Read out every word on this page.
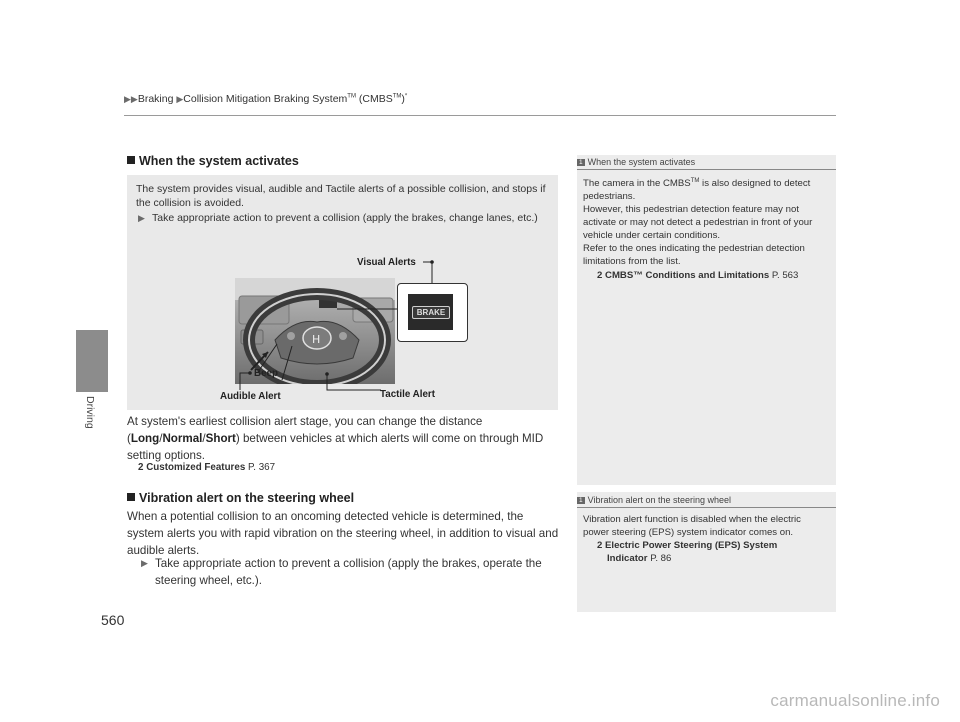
▶▶Braking ▶Collision Mitigation Braking System™ (CMBS™)*
Driving
When the system activates
The system provides visual, audible and Tactile alerts of a possible collision, and stops if the collision is avoided.
▶ Take appropriate action to prevent a collision (apply the brakes, change lanes, etc.)
H
BRAKE
Visual Alerts
Beep
Audible Alert	Tactile Alert
At system's earliest collision alert stage, you can change the distance (Long/Normal/Short) between vehicles at which alerts will come on through MID setting options.
2 Customized Features P. 367
Vibration alert on the steering wheel
When a potential collision to an oncoming detected vehicle is determined, the system alerts you with rapid vibration on the steering wheel, in addition to visual and audible alerts.
▶ Take appropriate action to prevent a collision (apply the brakes, operate the steering wheel, etc.).
1 When the system activates
The camera in the CMBS™ is also designed to detect pedestrians.
However, this pedestrian detection feature may not activate or may not detect a pedestrian in front of your vehicle under certain conditions.
Refer to the ones indicating the pedestrian detection limitations from the list.
2 CMBS™ Conditions and Limitations P. 563
1 Vibration alert on the steering wheel
Vibration alert function is disabled when the electric power steering (EPS) system indicator comes on.
2 Electric Power Steering (EPS) System
Indicator P. 86
560
carmanualsonline.info
